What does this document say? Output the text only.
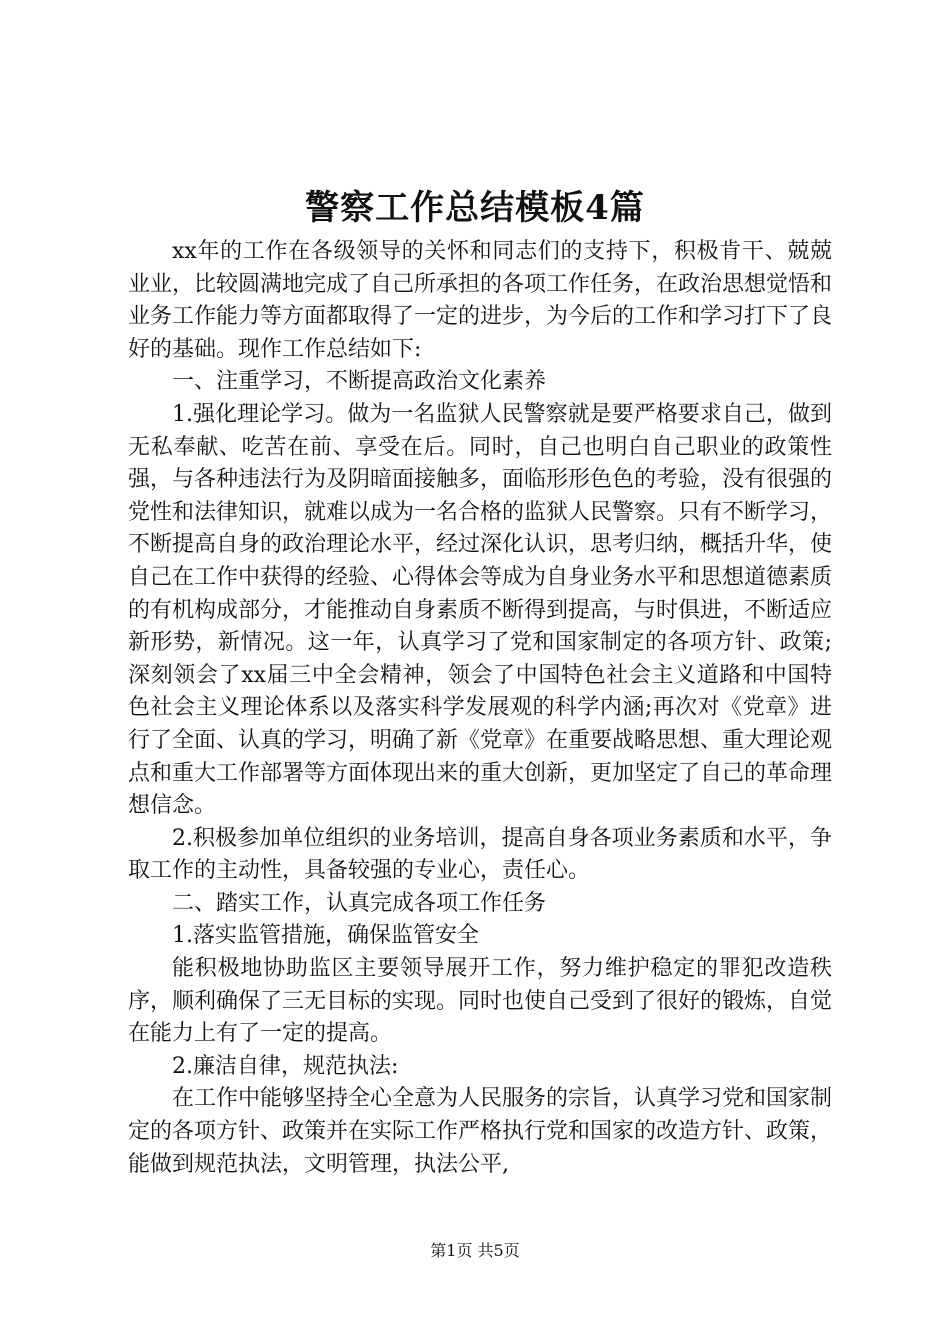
警察工作总结模板4篇

xx年的工作在各级领导的关怀和同志们的支持下，积极肯干、兢兢业业，比较圆满地完成了自己所承担的各项工作任务，在政治思想觉悟和业务工作能力等方面都取得了一定的进步，为今后的工作和学习打下了良好的基础。现作工作总结如下:

一、注重学习，不断提高政治文化素养

1.强化理论学习。做为一名监狱人民警察就是要严格要求自己，做到无私奉献、吃苦在前、享受在后。同时，自己也明白自己职业的政策性强，与各种违法行为及阴暗面接触多，面临形形色色的考验，没有很强的党性和法律知识，就难以成为一名合格的监狱人民警察。只有不断学习，不断提高自身的政治理论水平，经过深化认识，思考归纳，概括升华，使自己在工作中获得的经验、心得体会等成为自身业务水平和思想道德素质的有机构成部分，才能推动自身素质不断得到提高，与时俱进，不断适应新形势，新情况。这一年，认真学习了党和国家制定的各项方针、政策;深刻领会了xx届三中全会精神，领会了中国特色社会主义道路和中国特色社会主义理论体系以及落实科学发展观的科学内涵;再次对《党章》进行了全面、认真的学习，明确了新《党章》在重要战略思想、重大理论观点和重大工作部署等方面体现出来的重大创新，更加坚定了自己的革命理想信念。

2.积极参加单位组织的业务培训，提高自身各项业务素质和水平，争取工作的主动性，具备较强的专业心，责任心。

二、踏实工作，认真完成各项工作任务

1.落实监管措施，确保监管安全

能积极地协助监区主要领导展开工作，努力维护稳定的罪犯改造秩序，顺利确保了三无目标的实现。同时也使自己受到了很好的锻炼，自觉在能力上有了一定的提高。

2.廉洁自律，规范执法:

在工作中能够坚持全心全意为人民服务的宗旨，认真学习党和国家制定的各项方针、政策并在实际工作严格执行党和国家的改造方针、政策，能做到规范执法，文明管理，执法公平,

第1页 共5页
